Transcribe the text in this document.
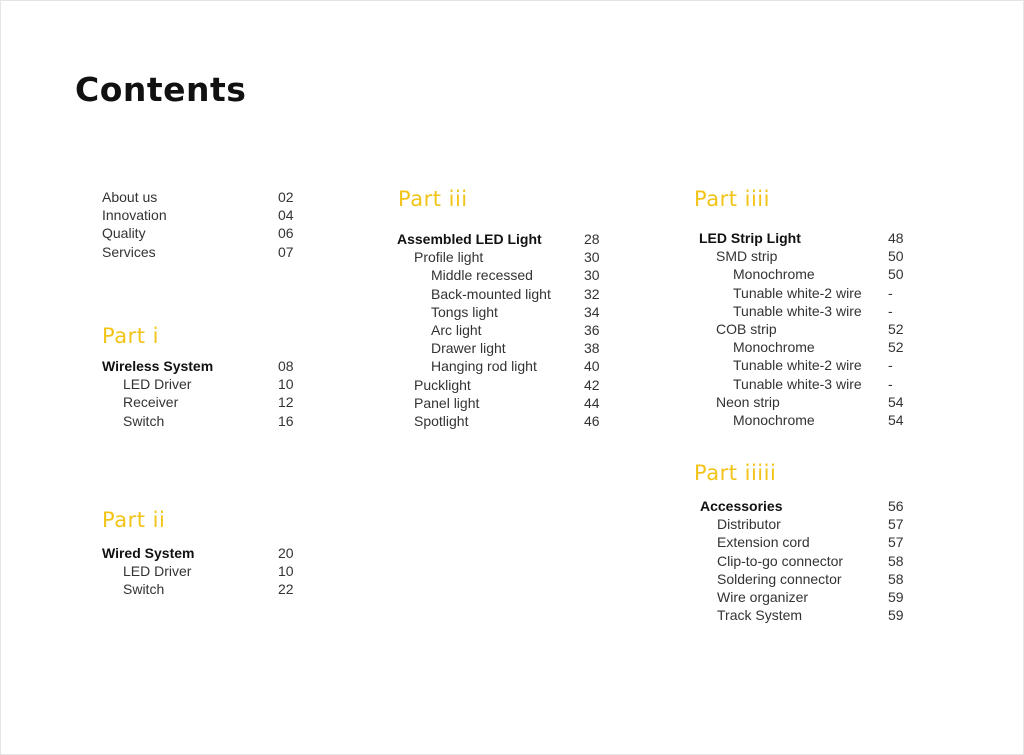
Contents
About us	02
Innovation	04
Quality	06
Services	07
Part i
Wireless System	08
LED Driver	10
Receiver	12
Switch	16
Part ii
Wired System	20
LED Driver	10
Switch	22
Part iii
Assembled LED Light	28
Profile light	30
Middle recessed	30
Back-mounted light 32
Tongs light	34
Arc light	36
Drawer light	38
Hanging rod light	40
Pucklight	42
Panel light	44
Spotlight	46
Part iiii
LED Strip Light	48
SMD strip	50
Monochrome	50
Tunable white-2 wire -
Tunable white-3 wire -
COB strip	52
Monochrome	52
Tunable white-2 wire -
Tunable white-3 wire -
Neon strip	54
Monochrome	54
Part iiiii
Accessories	56
Distributor	57
Extension cord	57
Clip-to-go connector	58
Soldering connector	58
Wire organizer	59
Track System	59
